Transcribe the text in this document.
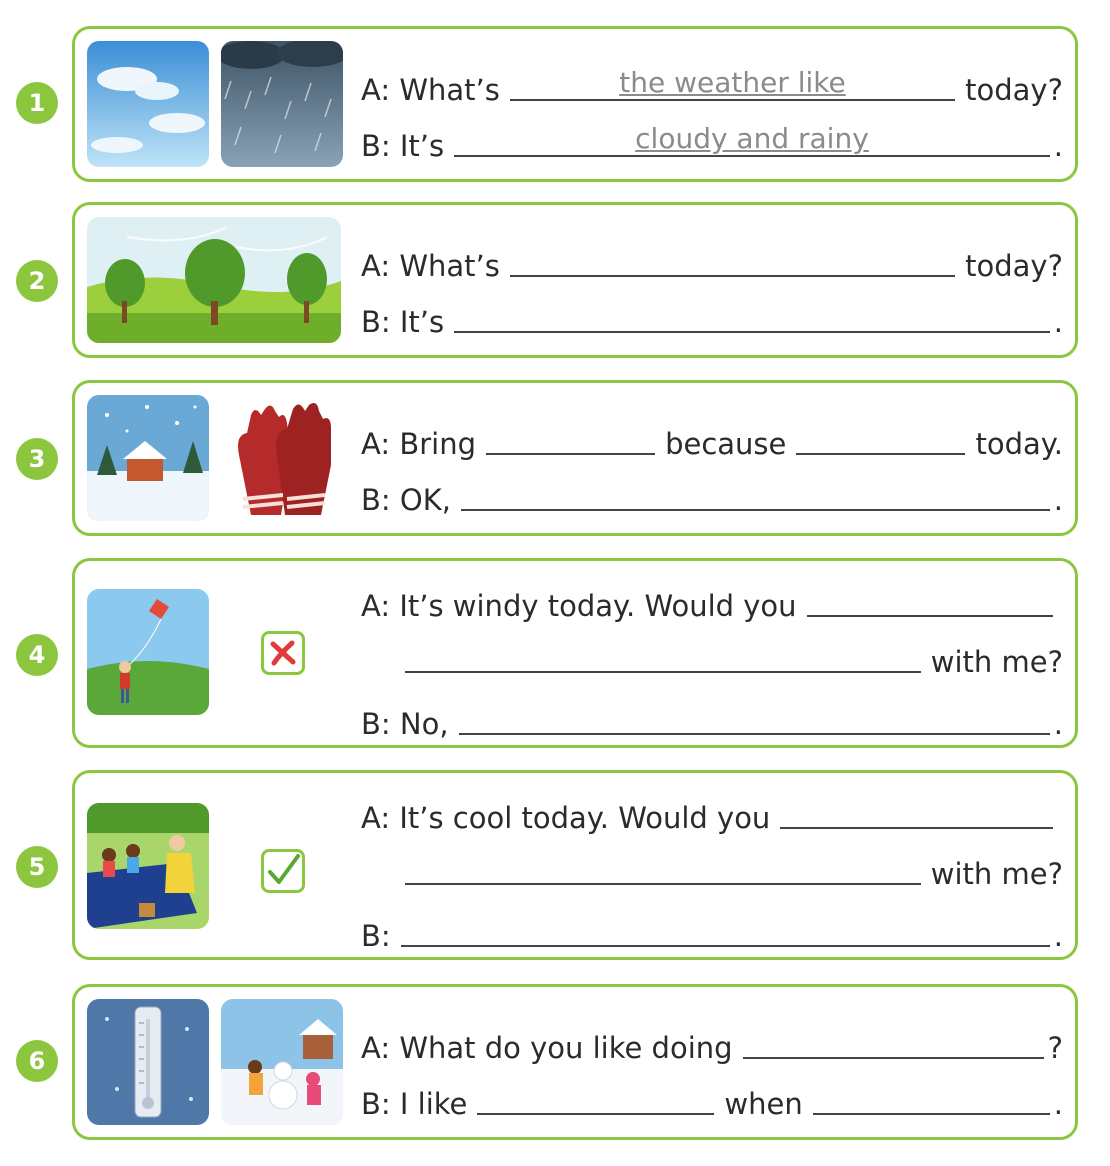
1	A: What’s	the weather like	today?
B: It’s	cloudy and rainy	.
2	A: What’s	today?
B: It’s	.
3	A: Bring	because	today.
B: OK,	.
4
A: It’s windy today. Would you
with me?
B: No,	.
5
A: It’s cool today. Would you
with me?
B:	.
6	A: What do you like doing	?
B: I like	when	.
